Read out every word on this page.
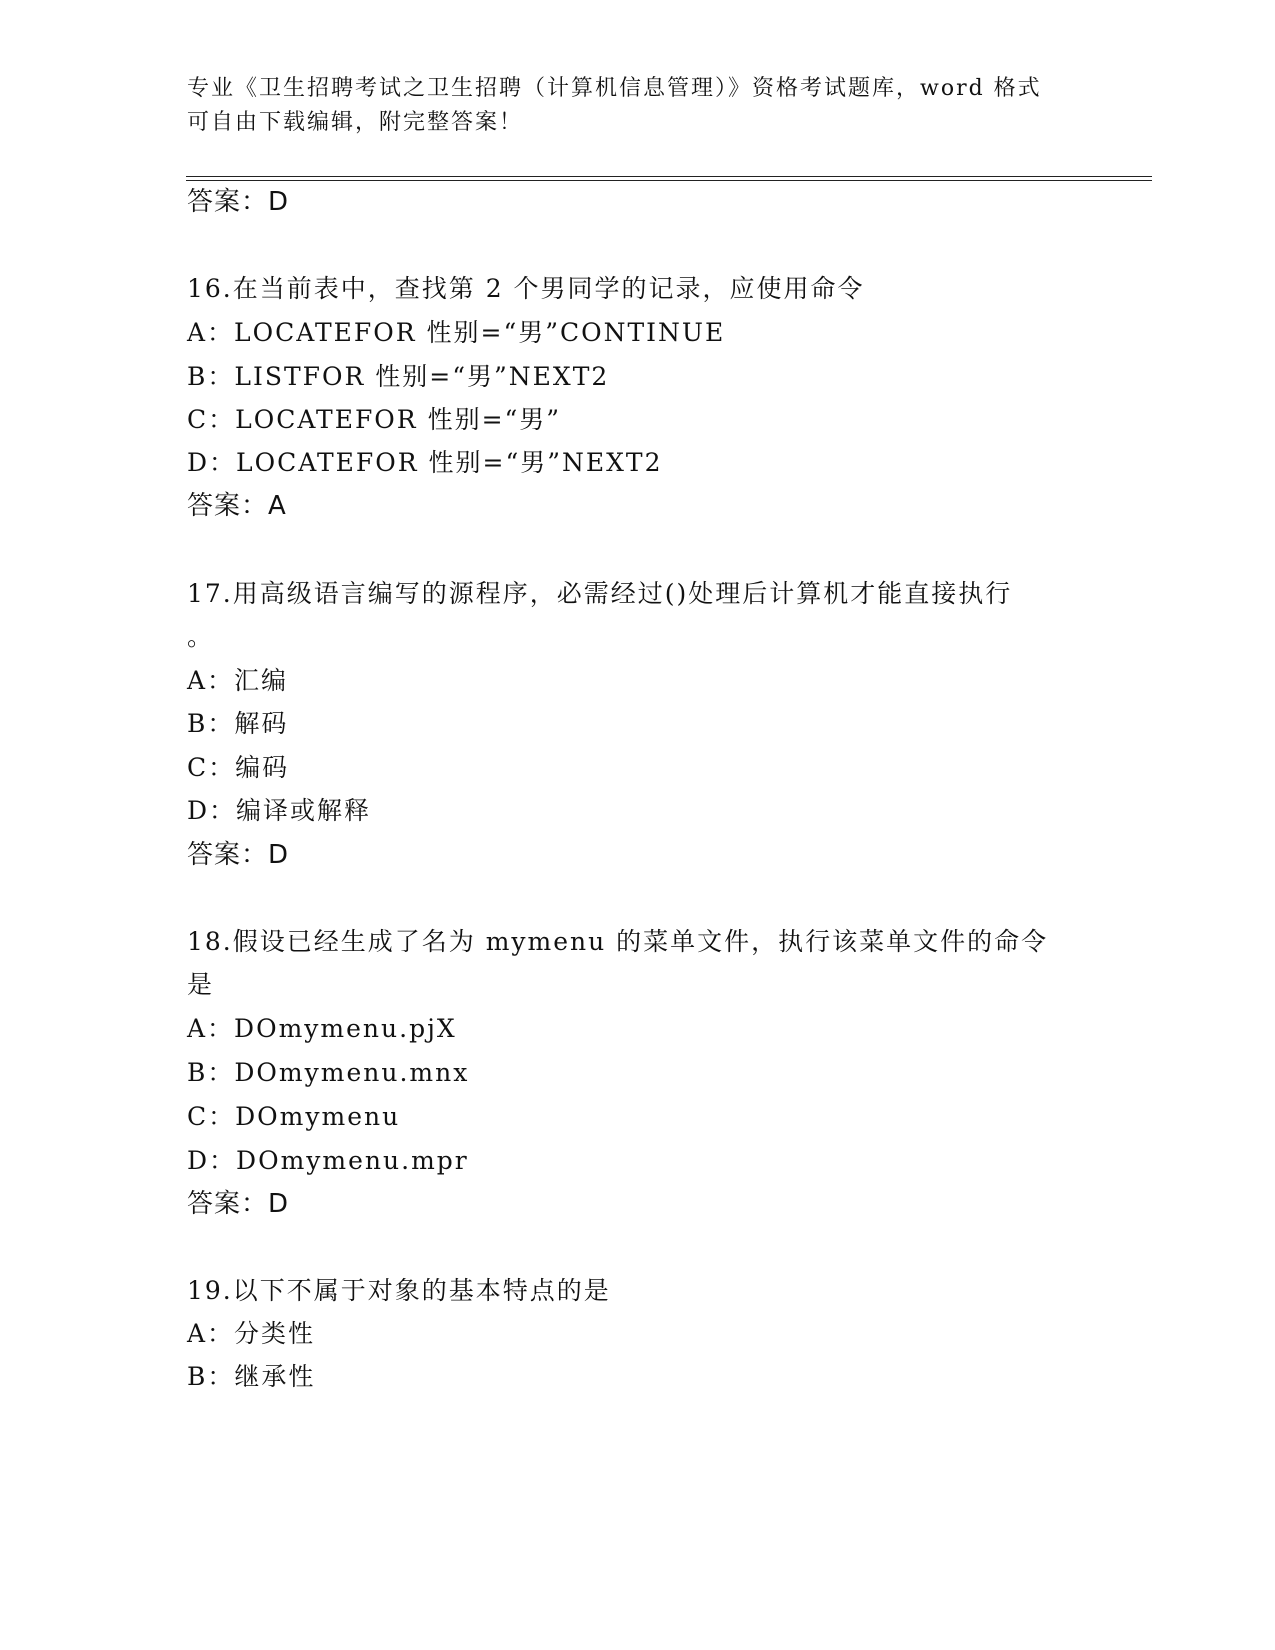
专业《卫生招聘考试之卫生招聘（计算机信息管理）》资格考试题库，word 格式
可自由下载编辑，附完整答案！
答案：D
16.在当前表中，查找第 2 个男同学的记录，应使用命令
A：LOCATEFOR 性别=“男”CONTINUE
B：LISTFOR 性别=“男”NEXT2
C：LOCATEFOR 性别=“男”
D：LOCATEFOR 性别=“男”NEXT2
答案：A
17.用高级语言编写的源程序，必需经过()处理后计算机才能直接执行
。
A：汇编
B：解码
C：编码
D：编译或解释
答案：D
18.假设已经生成了名为 mymenu 的菜单文件，执行该菜单文件的命令
是
A：DOmymenu.pjX
B：DOmymenu.mnx
C：DOmymenu
D：DOmymenu.mpr
答案：D
19.以下不属于对象的基本特点的是
A：分类性
B：继承性
